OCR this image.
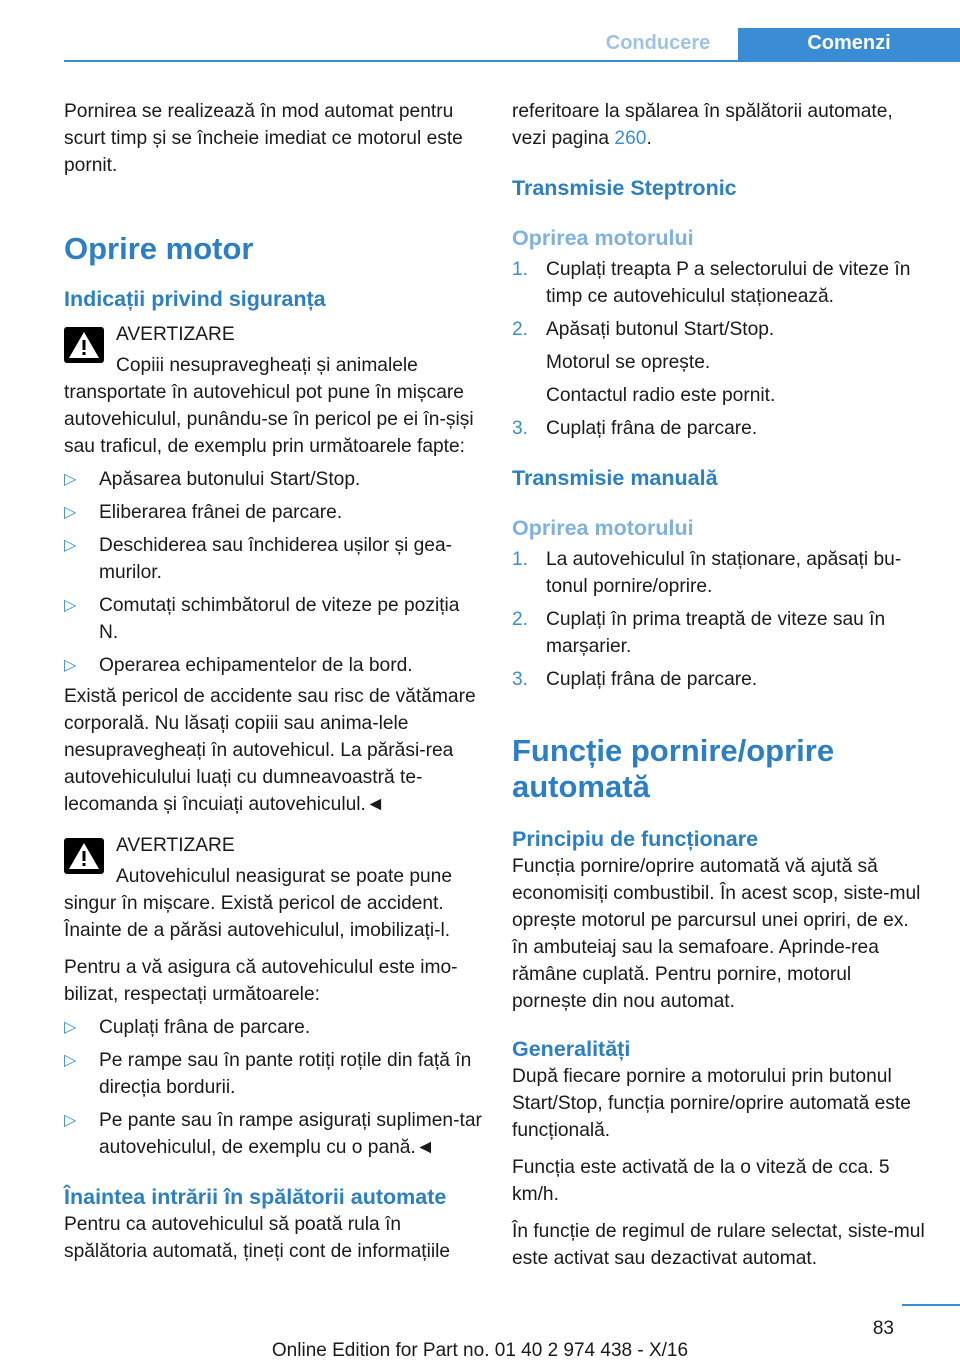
Conducere	Comenzi

Pornirea se realizează în mod automat pentru scurt timp și se încheie imediat ce motorul este pornit.

Oprire motor
Indicații privind siguranța

AVERTIZARE

Copiii nesupravegheați și animalele

transportate în autovehicul pot pune în mișcare autovehiculul, punându-se în pericol pe ei în-șiși sau traficul, de exemplu prin următoarele fapte:

▷ Apăsarea butonului Start/Stop.
▷ Eliberarea frânei de parcare.
▷ Deschiderea sau închiderea ușilor și gea-murilor.
▷ Comutați schimbătorul de viteze pe poziția N.
▷ Operarea echipamentelor de la bord.

Există pericol de accidente sau risc de vătămare corporală. Nu lăsați copiii sau anima-lele nesupravegheați în autovehicul. La părăsi-rea autovehiculului luați cu dumneavoastră te-lecomanda și încuiați autovehiculul.◄

AVERTIZARE

Autovehiculul neasigurat se poate pune

singur în mișcare. Există pericol de accident. Înainte de a părăsi autovehiculul, imobilizați-l.

Pentru a vă asigura că autovehiculul este imo-bilizat, respectați următoarele:

▷ Cuplați frâna de parcare.
▷ Pe rampe sau în pante rotiți roțile din față în direcția bordurii.
▷ Pe pante sau în rampe asigurați suplimen-tar autovehiculul, de exemplu cu o pană.◄
Înaintea intrării în spălătorii automate

Pentru ca autovehiculul să poată rula în spălătoria automată, țineți cont de informațiile

referitoare la spălarea în spălătorii automate, vezi pagina 260.

Transmisie Steptronic
Oprirea motorului
1. Cuplați treapta P a selectorului de viteze în timp ce autovehiculul staționează.
2. Apăsați butonul Start/Stop.

Motorul se oprește.

Contactul radio este pornit.

3. Cuplați frâna de parcare.
Transmisie manuală
Oprirea motorului
1. La autovehiculul în staționare, apăsați bu-tonul pornire/oprire.
2. Cuplați în prima treaptă de viteze sau în marșarier.
3. Cuplați frâna de parcare.
Funcție pornire/oprire automată
Principiu de funcționare

Funcția pornire/oprire automată vă ajută să economisiți combustibil. În acest scop, siste-mul oprește motorul pe parcursul unei opriri, de ex. în ambuteiaj sau la semafoare. Aprinde-rea rămâne cuplată. Pentru pornire, motorul pornește din nou automat.

Generalități

După fiecare pornire a motorului prin butonul Start/Stop, funcția pornire/oprire automată este funcțională.

Funcția este activată de la o viteză de cca. 5 km/h.

În funcție de regimul de rulare selectat, siste-mul este activat sau dezactivat automat.

83
Online Edition for Part no. 01 40 2 974 438 - X/16
